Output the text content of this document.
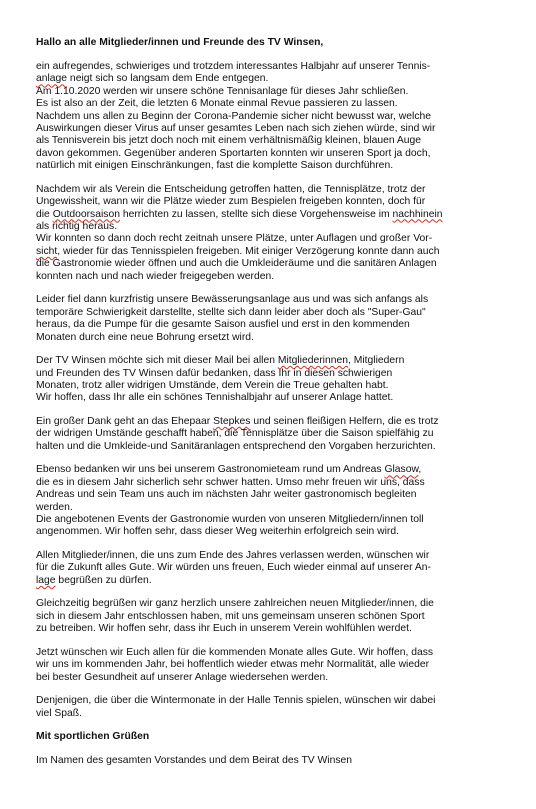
Hallo an alle Mitglieder/innen und Freunde des TV Winsen,
ein aufregendes, schwieriges und trotzdem interessantes Halbjahr auf unserer Tennis-
anlage neigt sich so langsam dem Ende entgegen.
Am 1.10.2020 werden wir unsere schöne Tennisanlage für dieses Jahr schließen.
Es ist also an der Zeit, die letzten 6 Monate einmal Revue passieren zu lassen.
Nachdem uns allen zu Beginn der Corona-Pandemie sicher nicht bewusst war, welche
Auswirkungen dieser Virus auf unser gesamtes Leben nach sich ziehen würde, sind wir
als Tennisverein bis jetzt doch noch mit einem verhältnismäßig kleinen, blauen Auge
davon gekommen. Gegenüber anderen Sportarten konnten wir unseren Sport ja doch,
natürlich mit einigen Einschränkungen, fast die komplette Saison durchführen.
Nachdem wir als Verein die Entscheidung getroffen hatten, die Tennisplätze, trotz der
Ungewissheit, wann wir die Plätze wieder zum Bespielen freigeben konnten, doch für
die Outdoorsaison herrichten zu lassen, stellte sich diese Vorgehensweise im nachhinein
als richtig heraus.
Wir konnten so dann doch recht zeitnah unsere Plätze, unter Auflagen und großer Vor-
sicht, wieder für das Tennisspielen freigeben. Mit einiger Verzögerung konnte dann auch
die Gastronomie wieder öffnen und auch die Umkleideräume und die sanitären Anlagen
konnten nach und nach wieder freigegeben werden.
Leider fiel dann kurzfristig unsere Bewässerungsanlage aus und was sich anfangs als
temporäre Schwierigkeit darstellte, stellte sich dann leider aber doch als "Super-Gau"
heraus, da die Pumpe für die gesamte Saison ausfiel und erst in den kommenden
Monaten durch eine neue Bohrung ersetzt wird.
Der TV Winsen möchte sich mit dieser Mail bei allen Mitgliederinnen, Mitgliedern
und Freunden des TV Winsen dafür bedanken, dass Ihr in diesen schwierigen
Monaten, trotz aller widrigen Umstände, dem Verein die Treue gehalten habt.
Wir hoffen, dass Ihr alle ein schönes Tennishalbjahr auf unserer Anlage hattet.
Ein großer Dank geht an das Ehepaar Stepkes und seinen fleißigen Helfern, die es trotz
der widrigen Umstände geschafft haben, die Tennisplätze über die Saison spielfähig zu
halten und die Umkleide-und Sanitäranlagen entsprechend den Vorgaben herzurichten.
Ebenso bedanken wir uns bei unserem Gastronomieteam rund um Andreas Glasow,
die es in diesem Jahr sicherlich sehr schwer hatten. Umso mehr freuen wir uns, dass
Andreas und sein Team uns auch im nächsten Jahr weiter gastronomisch begleiten
werden.
Die angebotenen Events der Gastronomie wurden von unseren Mitgliedern/innen toll
angenommen. Wir hoffen sehr, dass dieser Weg weiterhin erfolgreich sein wird.
Allen Mitglieder/innen, die uns zum Ende des Jahres verlassen werden, wünschen wir
für die Zukunft alles Gute. Wir würden uns freuen, Euch wieder einmal auf unserer An-
lage begrüßen zu dürfen.
Gleichzeitig begrüßen wir ganz herzlich unsere zahlreichen neuen Mitglieder/innen, die
sich in diesem Jahr entschlossen haben, mit uns gemeinsam unseren schönen Sport
zu betreiben. Wir hoffen sehr, dass ihr Euch in unserem Verein wohlfühlen werdet.
Jetzt wünschen wir Euch allen für die kommenden Monate alles Gute. Wir hoffen, dass
wir uns im kommenden Jahr, bei hoffentlich wieder etwas mehr Normalität, alle wieder
bei bester Gesundheit auf unserer Anlage wiedersehen werden.
Denjenigen, die über die Wintermonate in der Halle Tennis spielen, wünschen wir dabei
viel Spaß.
Mit sportlichen Grüßen
Im Namen des gesamten Vorstandes und dem Beirat des TV Winsen
